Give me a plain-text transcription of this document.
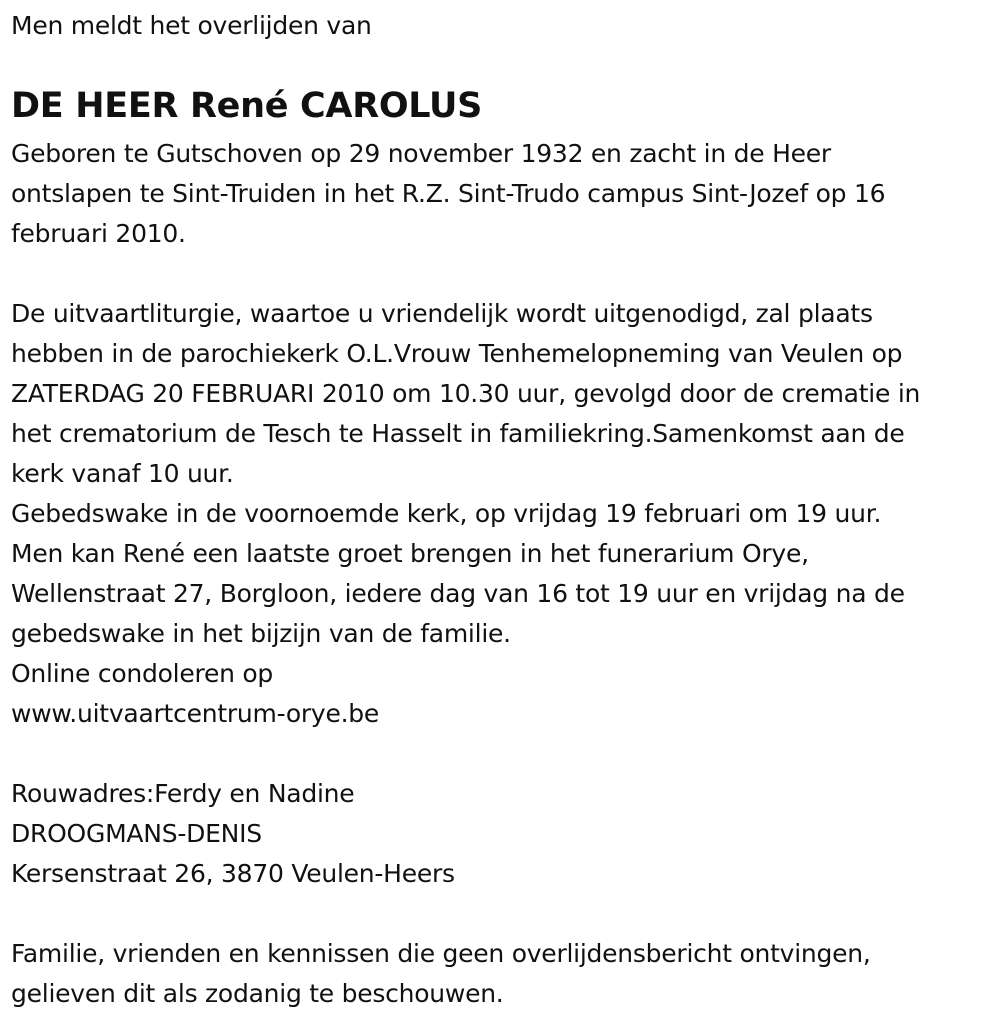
Men meldt het overlijden van
DE HEER René CAROLUS
Geboren te Gutschoven op 29 november 1932 en zacht in de Heer
ontslapen te Sint-Truiden in het R.Z. Sint-Trudo campus Sint-Jozef op 16
februari 2010.
De uitvaartliturgie, waartoe u vriendelijk wordt uitgenodigd, zal plaats
hebben in de parochiekerk O.L.Vrouw Tenhemelopneming van Veulen op
ZATERDAG 20 FEBRUARI 2010 om 10.30 uur, gevolgd door de crematie in
het crematorium de Tesch te Hasselt in familiekring.Samenkomst aan de
kerk vanaf 10 uur.
Gebedswake in de voornoemde kerk, op vrijdag 19 februari om 19 uur.
Men kan René een laatste groet brengen in het funerarium Orye,
Wellenstraat 27, Borgloon, iedere dag van 16 tot 19 uur en vrijdag na de
gebedswake in het bijzijn van de familie.
Online condoleren op
www.uitvaartcentrum-orye.be
Rouwadres:Ferdy en Nadine
DROOGMANS-DENIS
Kersenstraat 26, 3870 Veulen-Heers
Familie, vrienden en kennissen die geen overlijdensbericht ontvingen,
gelieven dit als zodanig te beschouwen.
